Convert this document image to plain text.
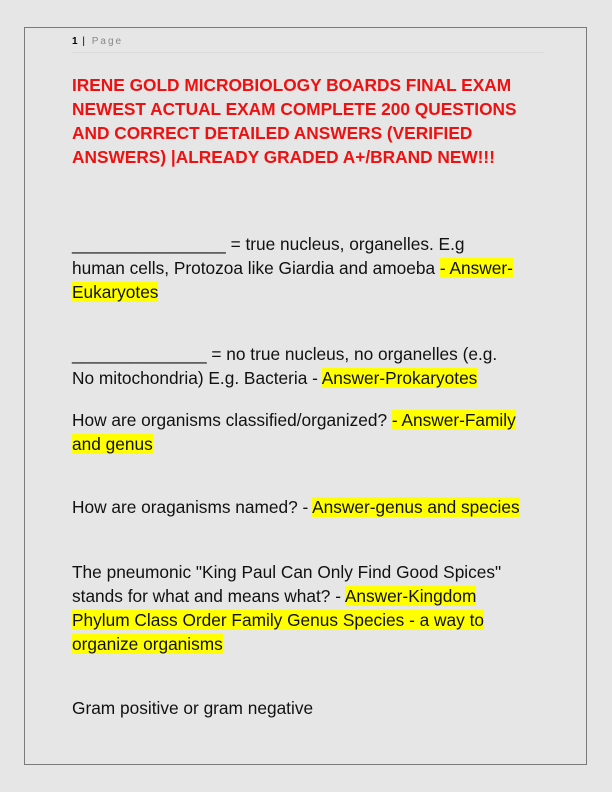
1 | Page
IRENE GOLD MICROBIOLOGY BOARDS FINAL EXAM
NEWEST ACTUAL EXAM COMPLETE 200 QUESTIONS
AND CORRECT DETAILED ANSWERS (VERIFIED
ANSWERS) |ALREADY GRADED A+/BRAND NEW!!!
________________ = true nucleus, organelles. E.g
human cells, Protozoa like Giardia and amoeba - Answer-
Eukaryotes
______________ = no true nucleus, no organelles (e.g.
No mitochondria) E.g. Bacteria - Answer-Prokaryotes
How are organisms classified/organized? - Answer-Family
and genus
How are oraganisms named? - Answer-genus and species
The pneumonic "King Paul Can Only Find Good Spices"
stands for what and means what? - Answer-Kingdom
Phylum Class Order Family Genus Species - a way to
organize organisms
Gram positive or gram negative
